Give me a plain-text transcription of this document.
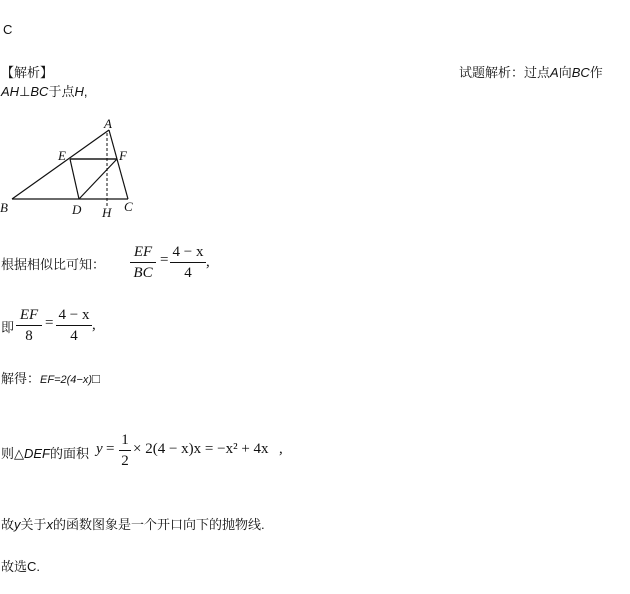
C
【解析】	试题解析：过点A向BC作
AH⊥BC于点H,
A
E	F
B	D H C
根据相似比可知：
EF
BC
= 4 − x
4
,
即
EF
8
= 4 − x
4
,
解得：EF=2(4−x)□
则△DEF的面积 y =
1
2
× 2(4 − x)x = −x² + 4x ,
故y关于x的函数图象是一个开口向下的抛物线.
故选C.
